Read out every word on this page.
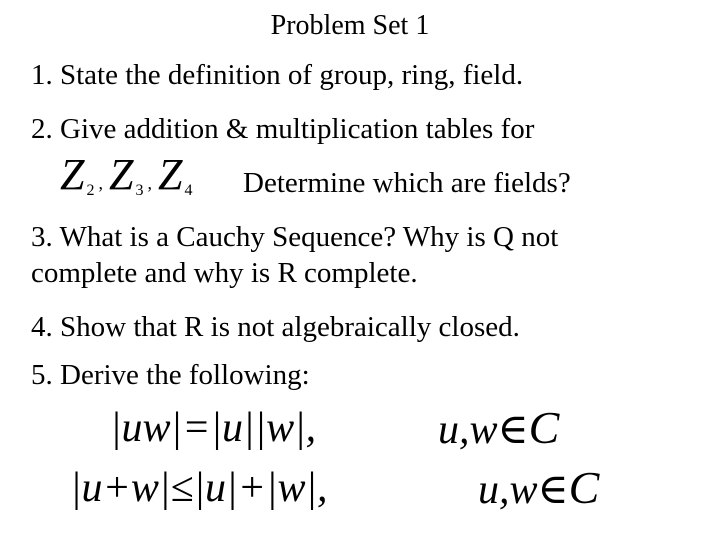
Problem Set 1
1. State the definition of group, ring, field.
2. Give addition & multiplication tables for
Z $_2$ , Z $_3$ , Z $_4$ Determine which are fields?
3. What is a Cauchy Sequence? Why is Q not
complete and why is R complete.
4. Show that R is not algebraically closed.
5. Derive the following:
|uw|=|u||w|,	u,w∈C
|u+w|≤|u|+|w|,	u,w∈C
